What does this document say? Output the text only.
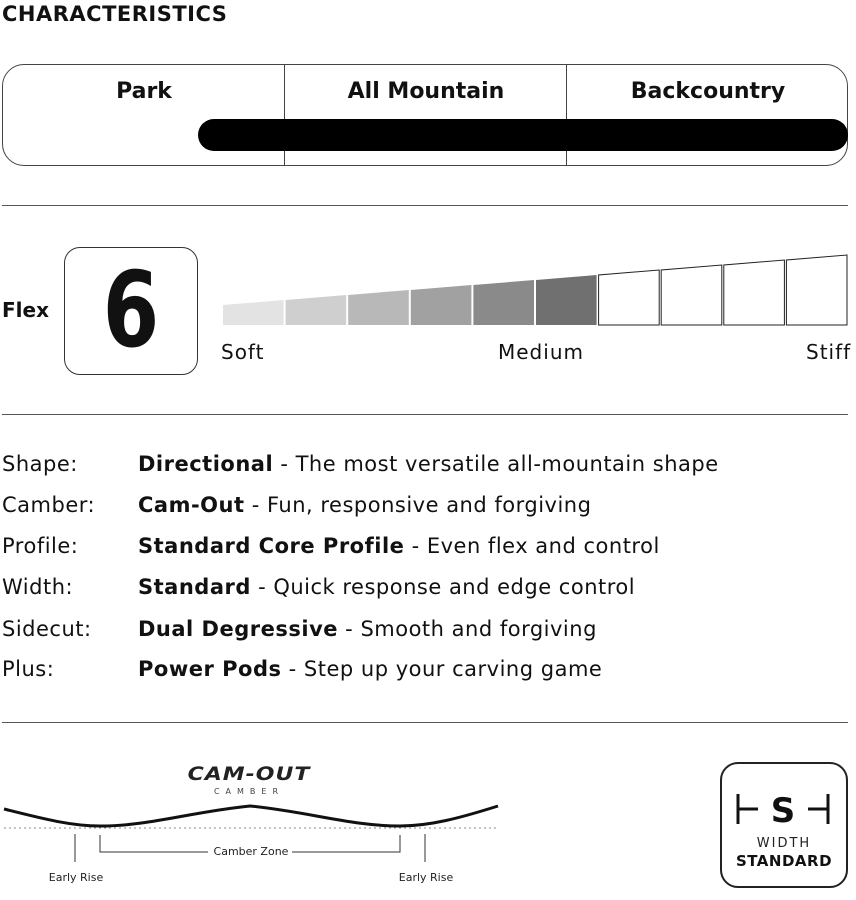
CHARACTERISTICS
Park	All Mountain	Backcountry
Flex 6	Soft	Medium	Stiff
Shape:	Directional - The most versatile all-mountain shape
Camber: Cam-Out - Fun, responsive and forgiving
Profile:	Standard Core Profile - Even flex and control
Width:	Standard - Quick response and edge control
Sidecut: Dual Degressive - Smooth and forgiving
Plus:	Power Pods - Step up your carving game
CAM-OUT
CAMBER
Camber Zone
Early Rise	Early Rise
S
WIDTH
STANDARD
